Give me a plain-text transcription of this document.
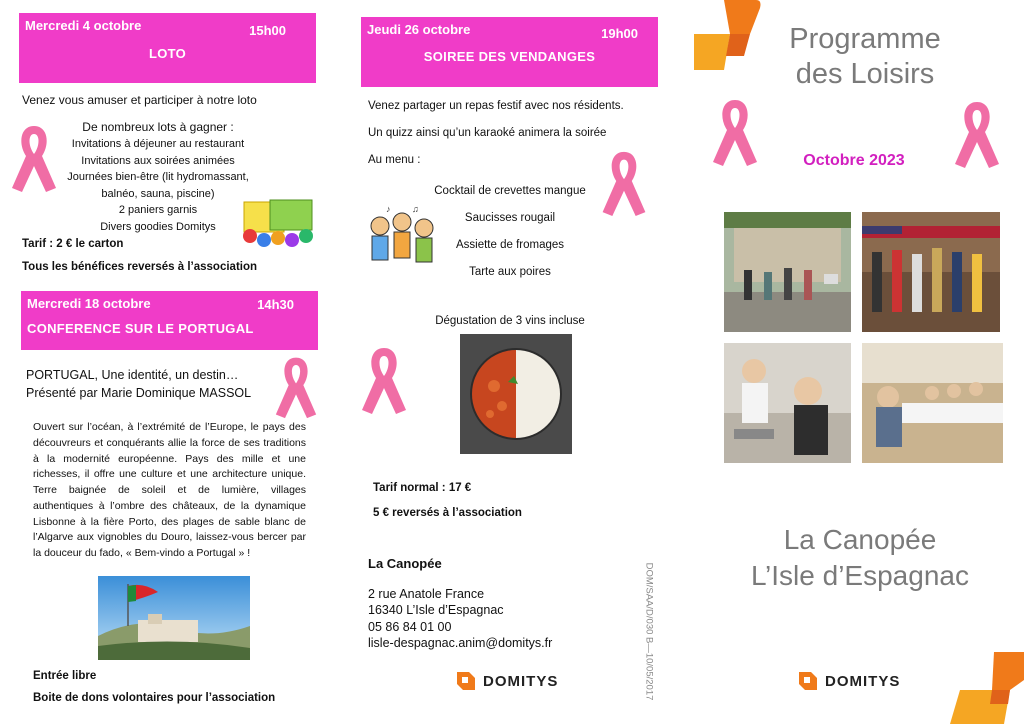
Mercredi 4 octobre	15h00
LOTO
Venez vous amuser et participer à notre loto
De nombreux lots à gagner :
Invitations à déjeuner au restaurant
Invitations aux soirées animées
Journées bien-être (lit hydromassant,
balnéo, sauna, piscine)
2 paniers garnis
Divers goodies Domitys
Tarif : 2 € le carton
Tous les bénéfices reversés à l’association
Mercredi 18 octobre	14h30
CONFERENCE SUR LE PORTUGAL
PORTUGAL, Une identité, un destin…
Présenté par Marie Dominique MASSOL
Ouvert sur l’océan, à l’extrémité de l’Europe, le pays des découvreurs et conquérants allie la force de ses traditions à la modernité européenne. Pays des mille et une richesses, il offre une culture et une architecture unique. Terre baignée de soleil et de lumière, villages authentiques à l’ombre des châteaux, de la dynamique Lisbonne à la fière Porto, des plages de sable blanc de l’Algarve aux vignobles du Douro, laissez-vous bercer par la douceur du fado, « Bem-vindo a Portugal » !
Entrée libre
Boite de dons volontaires pour l’association
Jeudi 26 octobre	19h00
SOIREE DES VENDANGES
Venez partager un repas festif avec nos résidents.
Un quizz ainsi qu’un karaoké animera la soirée
Au menu :
Cocktail de crevettes mangue
Saucisses rougail
Assiette de fromages
Tarte aux poires
♪ ♫
Dégustation de 3 vins incluse
Tarif normal : 17 €
5 € reversés à l’association
La Canopée
2 rue Anatole France
16340 L’Isle d’Espagnac
05 86 84 01 00
lisle-despagnac.anim@domitys.fr	DOM/SAA/D/030 B—10/05/2017
DOMITYS
Programme
des Loisirs
Octobre 2023
La Canopée
L’Isle d’Espagnac
DOMITYS
